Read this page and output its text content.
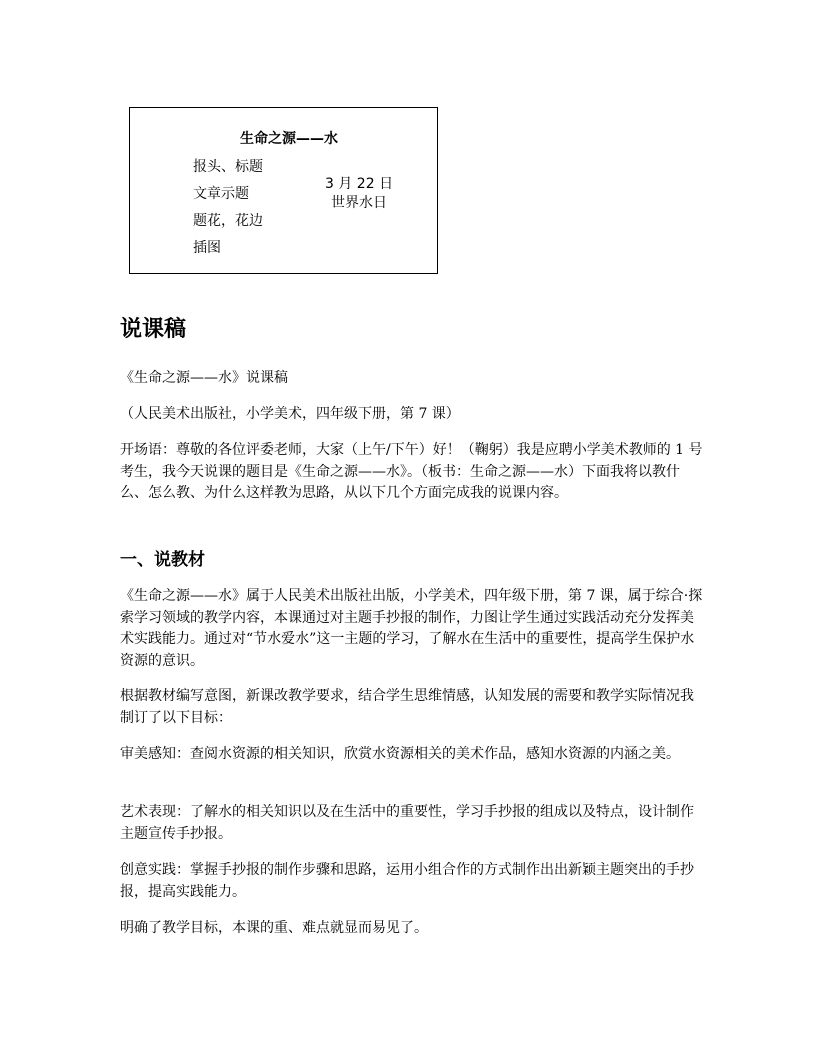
生命之源——水
报头、标题
文章示题
题花，花边
插图
3 月 22 日
世界水日
说课稿
《生命之源——水》说课稿
（人民美术出版社，小学美术，四年级下册，第 7 课）
开场语：尊敬的各位评委老师，大家（上午/下午）好！（鞠躬）我是应聘小学美术教师的 1 号考生，我今天说课的题目是《生命之源——水》。（板书：生命之源——水）下面我将以教什么、怎么教、为什么这样教为思路，从以下几个方面完成我的说课内容。
一、说教材
《生命之源——水》属于人民美术出版社出版，小学美术，四年级下册，第 7 课，属于综合·探索学习领域的教学内容，本课通过对主题手抄报的制作，力图让学生通过实践活动充分发挥美术实践能力。通过对“节水爱水”这一主题的学习，了解水在生活中的重要性，提高学生保护水资源的意识。
根据教材编写意图，新课改教学要求，结合学生思维情感，认知发展的需要和教学实际情况我制订了以下目标：
审美感知：查阅水资源的相关知识，欣赏水资源相关的美术作品，感知水资源的内涵之美。
艺术表现：了解水的相关知识以及在生活中的重要性，学习手抄报的组成以及特点，设计制作主题宣传手抄报。
创意实践：掌握手抄报的制作步骤和思路，运用小组合作的方式制作出出新颖主题突出的手抄报，提高实践能力。
明确了教学目标，本课的重、难点就显而易见了。
